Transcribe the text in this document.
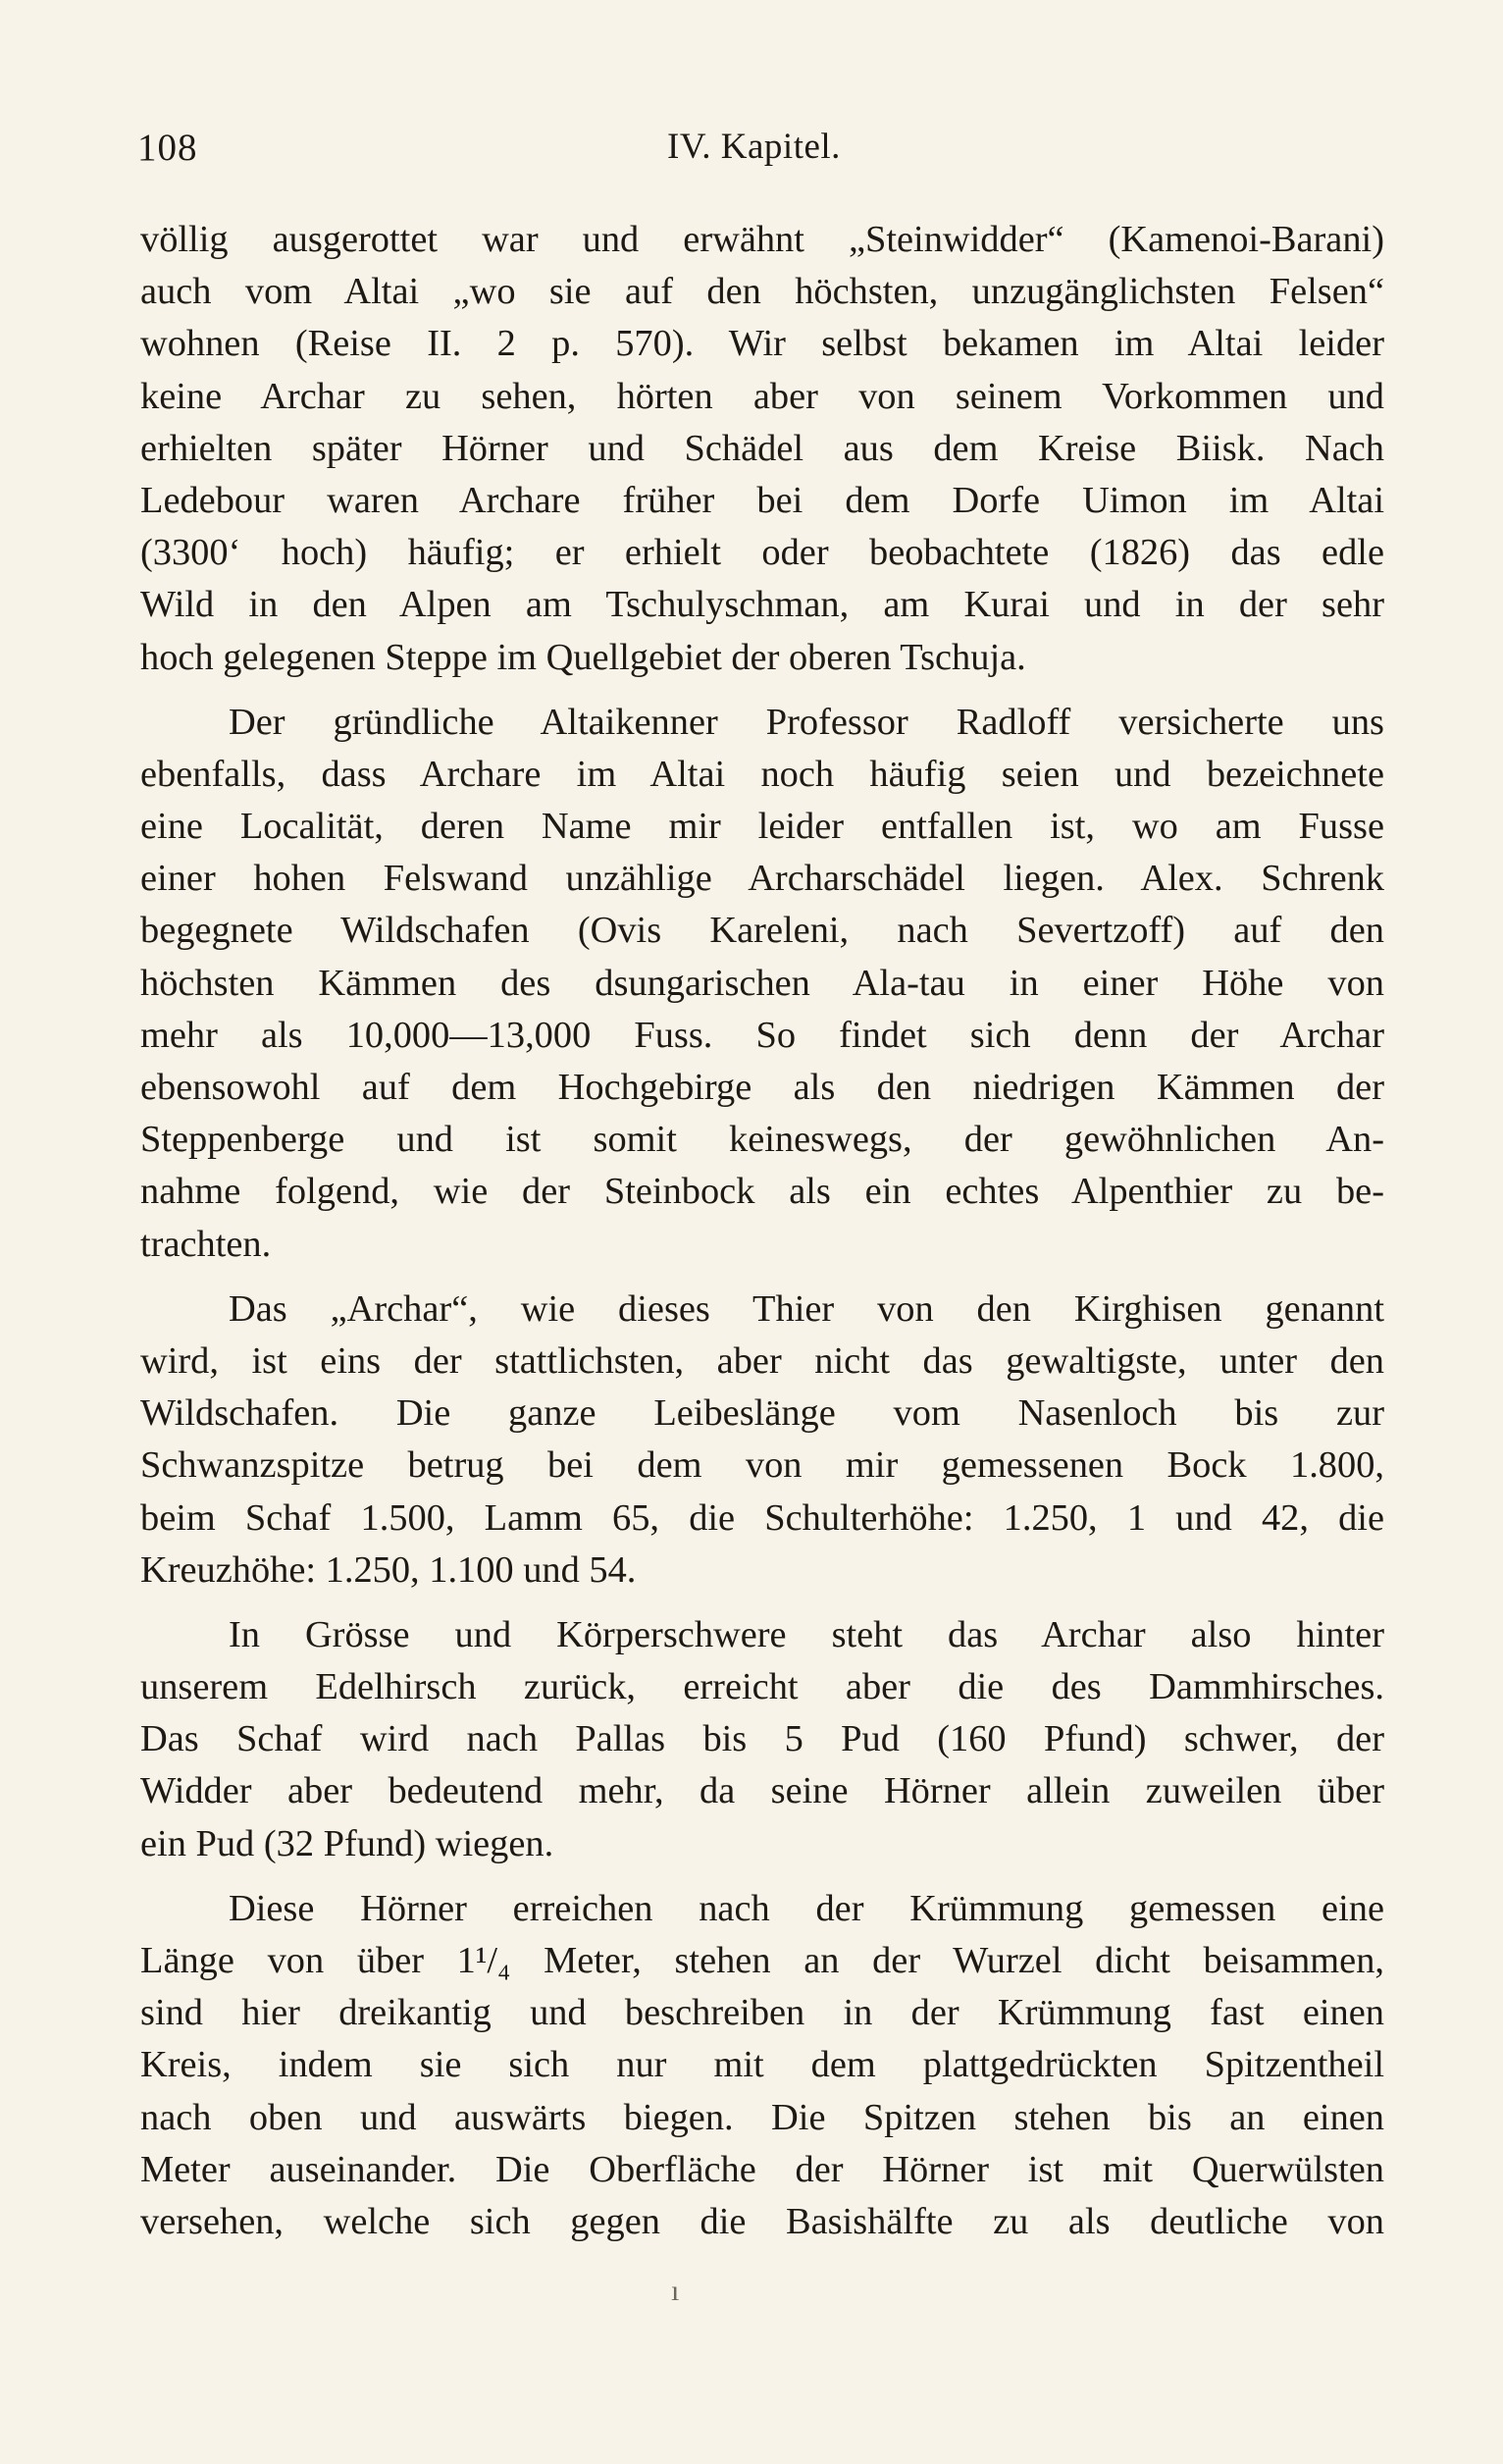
108	IV. Kapitel.
völlig ausgerottet war und erwähnt „Steinwidder“ (Kamenoi-Barani)
auch vom Altai „wo sie auf den höchsten, unzugänglichsten Felsen“
wohnen (Reise II. 2 p. 570). Wir selbst bekamen im Altai leider
keine Archar zu sehen, hörten aber von seinem Vorkommen und
erhielten später Hörner und Schädel aus dem Kreise Biisk. Nach
Ledebour waren Archare früher bei dem Dorfe Uimon im Altai
(3300‘ hoch) häufig; er erhielt oder beobachtete (1826) das edle
Wild in den Alpen am Tschulyschman, am Kurai und in der sehr
hoch gelegenen Steppe im Quellgebiet der oberen Tschuja.
Der gründliche Altaikenner Professor Radloff versicherte uns
ebenfalls, dass Archare im Altai noch häufig seien und bezeichnete
eine Localität, deren Name mir leider entfallen ist, wo am Fusse
einer hohen Felswand unzählige Archarschädel liegen. Alex. Schrenk
begegnete Wildschafen (Ovis Kareleni, nach Severtzoff) auf den
höchsten Kämmen des dsungarischen Ala-tau in einer Höhe von
mehr als 10,000—13,000 Fuss. So findet sich denn der Archar
ebensowohl auf dem Hochgebirge als den niedrigen Kämmen der
Steppenberge und ist somit keineswegs, der gewöhnlichen An-
nahme folgend, wie der Steinbock als ein echtes Alpenthier zu be-
trachten.
Das „Archar“, wie dieses Thier von den Kirghisen genannt
wird, ist eins der stattlichsten, aber nicht das gewaltigste, unter den
Wildschafen. Die ganze Leibeslänge vom Nasenloch bis zur
Schwanzspitze betrug bei dem von mir gemessenen Bock 1.800,
beim Schaf 1.500, Lamm 65, die Schulterhöhe: 1.250, 1 und 42, die
Kreuzhöhe: 1.250, 1.100 und 54.
In Grösse und Körperschwere steht das Archar also hinter
unserem Edelhirsch zurück, erreicht aber die des Dammhirsches.
Das Schaf wird nach Pallas bis 5 Pud (160 Pfund) schwer, der
Widder aber bedeutend mehr, da seine Hörner allein zuweilen über
ein Pud (32 Pfund) wiegen.
Diese Hörner erreichen nach der Krümmung gemessen eine
Länge von über 1¹/₄ Meter, stehen an der Wurzel dicht beisammen,
sind hier dreikantig und beschreiben in der Krümmung fast einen
Kreis, indem sie sich nur mit dem plattgedrückten Spitzentheil
nach oben und auswärts biegen. Die Spitzen stehen bis an einen
Meter auseinander. Die Oberfläche der Hörner ist mit Querwülsten
versehen, welche sich gegen die Basishälfte zu als deutliche von
ı
